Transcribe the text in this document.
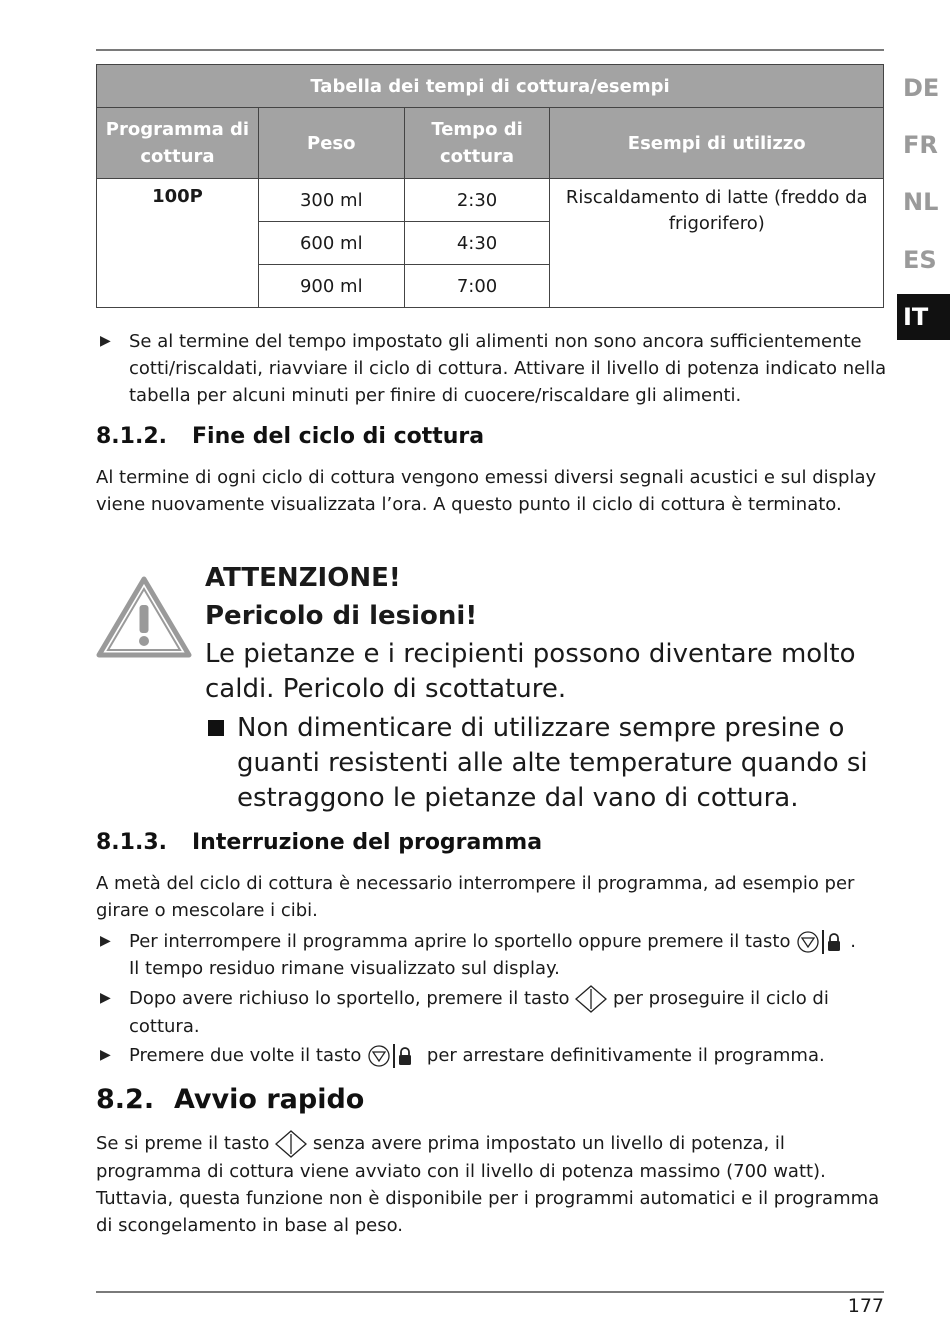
DE
FR
NL
ES
IT
Tabella dei tempi di cottura/esempi			
Programma di cottura	Peso	Tempo di cottura	Esempi di utilizzo
100P	300 ml	2:30	Riscaldamento di latte (freddo da frigorifero)
	600 ml	4:30	
	900 ml	7:00	
▶ Se al termine del tempo impostato gli alimenti non sono ancora sufficientemente cotti/riscaldati, riavviare il ciclo di cottura. Attivare il livello di potenza indicato nella tabella per alcuni minuti per finire di cuocere/riscaldare gli alimenti.
8.1.2. Fine del ciclo di cottura
Al termine di ogni ciclo di cottura vengono emessi diversi segnali acustici e sul display viene nuovamente visualizzata l’ora. A questo punto il ciclo di cottura è terminato.
ATTENZIONE!
Pericolo di lesioni!
Le pietanze e i recipienti possono diventare molto caldi. Pericolo di scottature.
Non dimenticare di utilizzare sempre presine o guanti resistenti alle alte temperature quando si estraggono le pietanze dal vano di cottura.
8.1.3. Interruzione del programma
A metà del ciclo di cottura è necessario interrompere il programma, ad esempio per girare o mescolare i cibi.
▶ Per interrompere il programma aprire lo sportello oppure premere il tasto	.
Il tempo residuo rimane visualizzato sul display.
▶ Dopo avere richiuso lo sportello, premere il tasto per proseguire il ciclo di cottura.
▶ Premere due volte il tasto	per arrestare definitivamente il programma.
8.2. Avvio rapido
Se si preme il tasto senza avere prima impostato un livello di potenza, il programma di cottura viene avviato con il livello di potenza massimo (700 watt). Tuttavia, questa funzione non è disponibile per i programmi automatici e il programma di scongelamento in base al peso.
177
